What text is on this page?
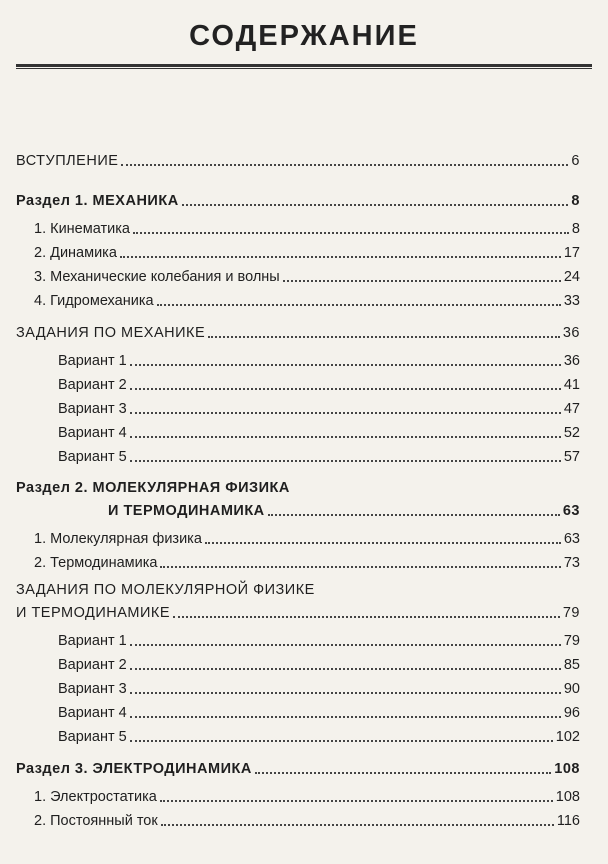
СОДЕРЖАНИЕ
ВСТУПЛЕНИЕ	6
Раздел 1. МЕХАНИКА	8
1. Кинематика	8
2. Динамика	17
3. Механические колебания и волны	24
4. Гидромеханика	33
ЗАДАНИЯ ПО МЕХАНИКЕ	36
Вариант 1	36
Вариант 2	41
Вариант 3	47
Вариант 4	52
Вариант 5	57
Раздел 2. МОЛЕКУЛЯРНАЯ ФИЗИКА
И ТЕРМОДИНАМИКА	63
1. Молекулярная физика	63
2. Термодинамика	73
ЗАДАНИЯ ПО МОЛЕКУЛЯРНОЙ ФИЗИКЕ
И ТЕРМОДИНАМИКЕ	79
Вариант 1	79
Вариант 2	85
Вариант 3	90
Вариант 4	96
Вариант 5	102
Раздел 3. ЭЛЕКТРОДИНАМИКА	108
1. Электростатика	108
2. Постоянный ток	116
